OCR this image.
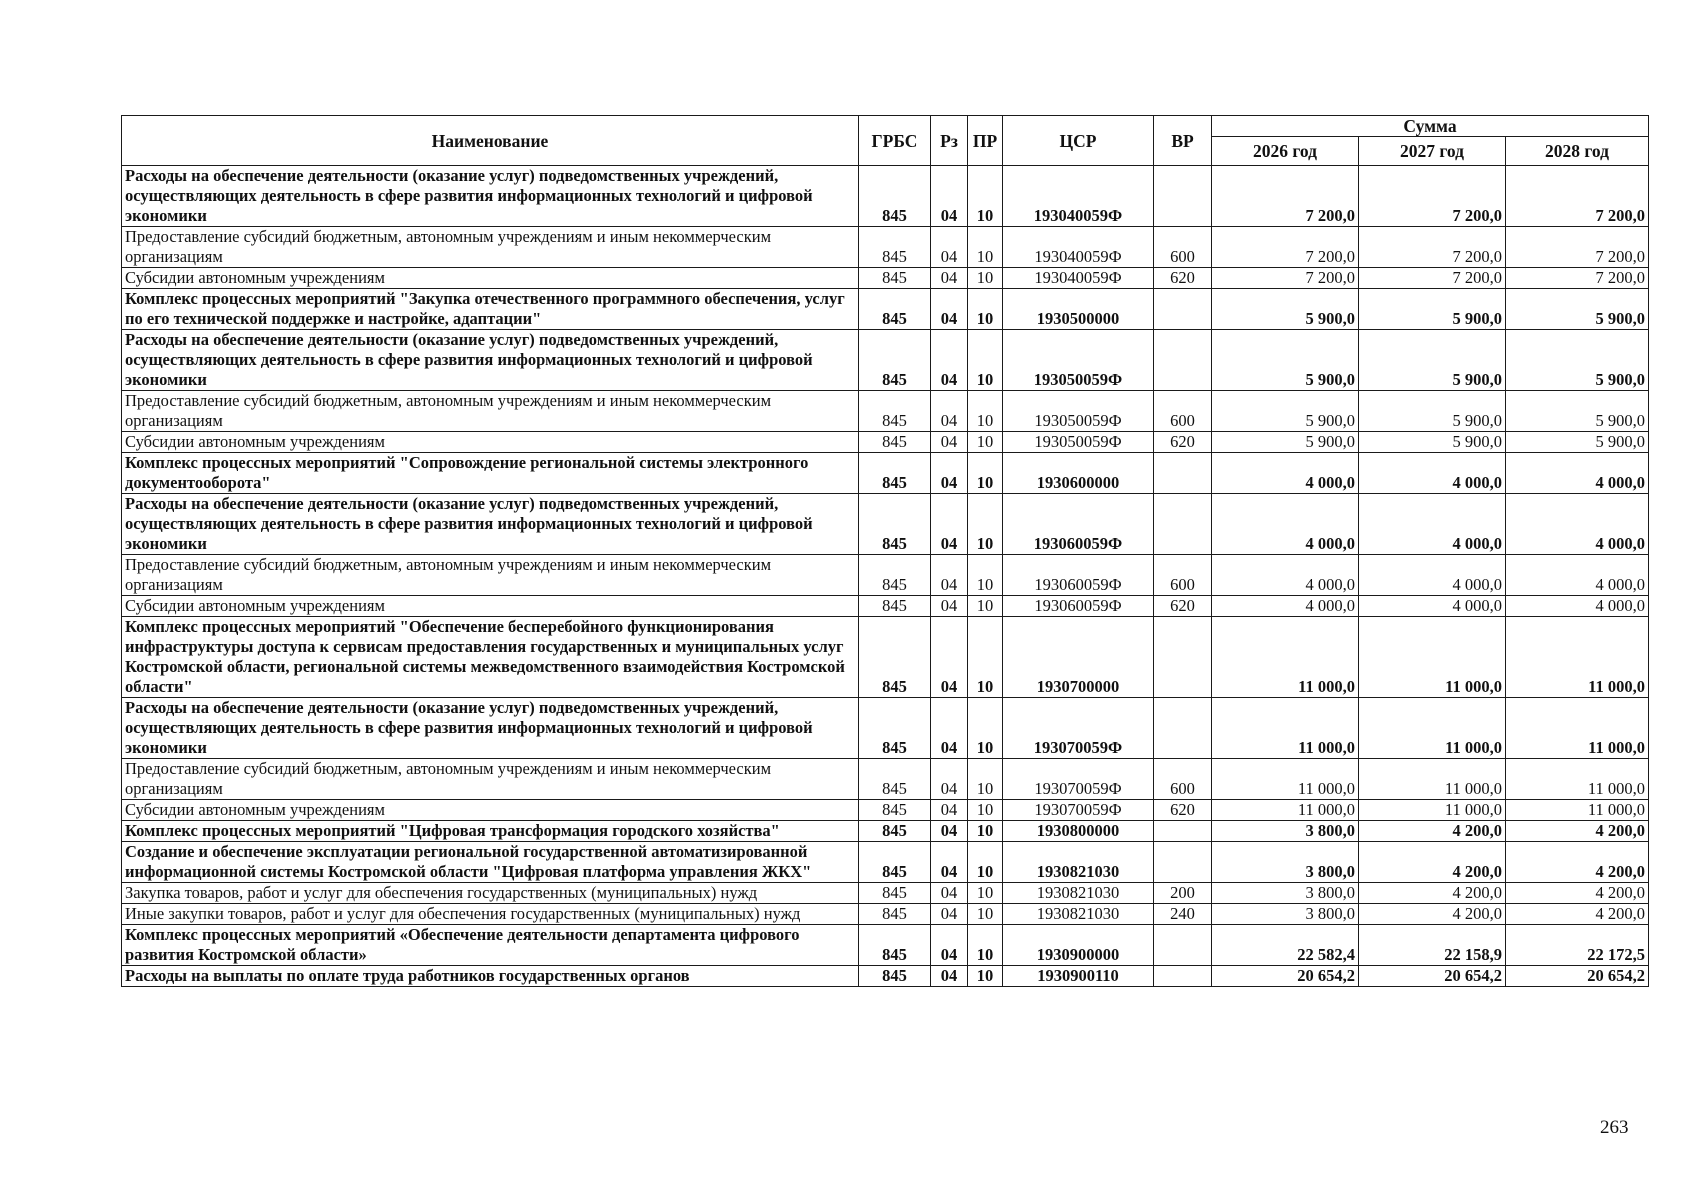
Наименование	ГРБС	Рз	ПР	ЦСР	ВР	Сумма		
						2026 год	2027 год	2028 год
Расходы на обеспечение деятельности (оказание услуг) подведомственных учреждений, осуществляющих деятельность в сфере развития информационных технологий и цифровой экономики	845	04	10	193040059Ф		7 200,0	7 200,0	7 200,0
Предоставление субсидий бюджетным, автономным учреждениям и иным некоммерческим организациям	845	04	10	193040059Ф	600	7 200,0	7 200,0	7 200,0
Субсидии автономным учреждениям	845	04	10	193040059Ф	620	7 200,0	7 200,0	7 200,0
Комплекс процессных мероприятий "Закупка отечественного программного обеспечения, услуг по его технической поддержке и настройке, адаптации"	845	04	10	1930500000		5 900,0	5 900,0	5 900,0
Расходы на обеспечение деятельности (оказание услуг) подведомственных учреждений, осуществляющих деятельность в сфере развития информационных технологий и цифровой экономики	845	04	10	193050059Ф		5 900,0	5 900,0	5 900,0
Предоставление субсидий бюджетным, автономным учреждениям и иным некоммерческим организациям	845	04	10	193050059Ф	600	5 900,0	5 900,0	5 900,0
Субсидии автономным учреждениям	845	04	10	193050059Ф	620	5 900,0	5 900,0	5 900,0
Комплекс процессных мероприятий "Сопровождение региональной системы электронного документооборота"	845	04	10	1930600000		4 000,0	4 000,0	4 000,0
Расходы на обеспечение деятельности (оказание услуг) подведомственных учреждений, осуществляющих деятельность в сфере развития информационных технологий и цифровой экономики	845	04	10	193060059Ф		4 000,0	4 000,0	4 000,0
Предоставление субсидий бюджетным, автономным учреждениям и иным некоммерческим организациям	845	04	10	193060059Ф	600	4 000,0	4 000,0	4 000,0
Субсидии автономным учреждениям	845	04	10	193060059Ф	620	4 000,0	4 000,0	4 000,0
Комплекс процессных мероприятий "Обеспечение бесперебойного функционирования инфраструктуры доступа к сервисам предоставления государственных и муниципальных услуг Костромской области, региональной системы межведомственного взаимодействия Костромской области"	845	04	10	1930700000		11 000,0	11 000,0	11 000,0
Расходы на обеспечение деятельности (оказание услуг) подведомственных учреждений, осуществляющих деятельность в сфере развития информационных технологий и цифровой экономики	845	04	10	193070059Ф		11 000,0	11 000,0	11 000,0
Предоставление субсидий бюджетным, автономным учреждениям и иным некоммерческим организациям	845	04	10	193070059Ф	600	11 000,0	11 000,0	11 000,0
Субсидии автономным учреждениям	845	04	10	193070059Ф	620	11 000,0	11 000,0	11 000,0
Комплекс процессных мероприятий "Цифровая трансформация городского хозяйства"	845	04	10	1930800000		3 800,0	4 200,0	4 200,0
Создание и обеспечение эксплуатации региональной государственной автоматизированной информационной системы Костромской области "Цифровая платформа управления ЖКХ"	845	04	10	1930821030		3 800,0	4 200,0	4 200,0
Закупка товаров, работ и услуг для обеспечения государственных (муниципальных) нужд	845	04	10	1930821030	200	3 800,0	4 200,0	4 200,0
Иные закупки товаров, работ и услуг для обеспечения государственных (муниципальных) нужд	845	04	10	1930821030	240	3 800,0	4 200,0	4 200,0
Комплекс процессных мероприятий «Обеспечение деятельности департамента цифрового развития Костромской области»	845	04	10	1930900000		22 582,4	22 158,9	22 172,5
Расходы на выплаты по оплате труда работников государственных органов	845	04	10	1930900110		20 654,2	20 654,2	20 654,2
263
